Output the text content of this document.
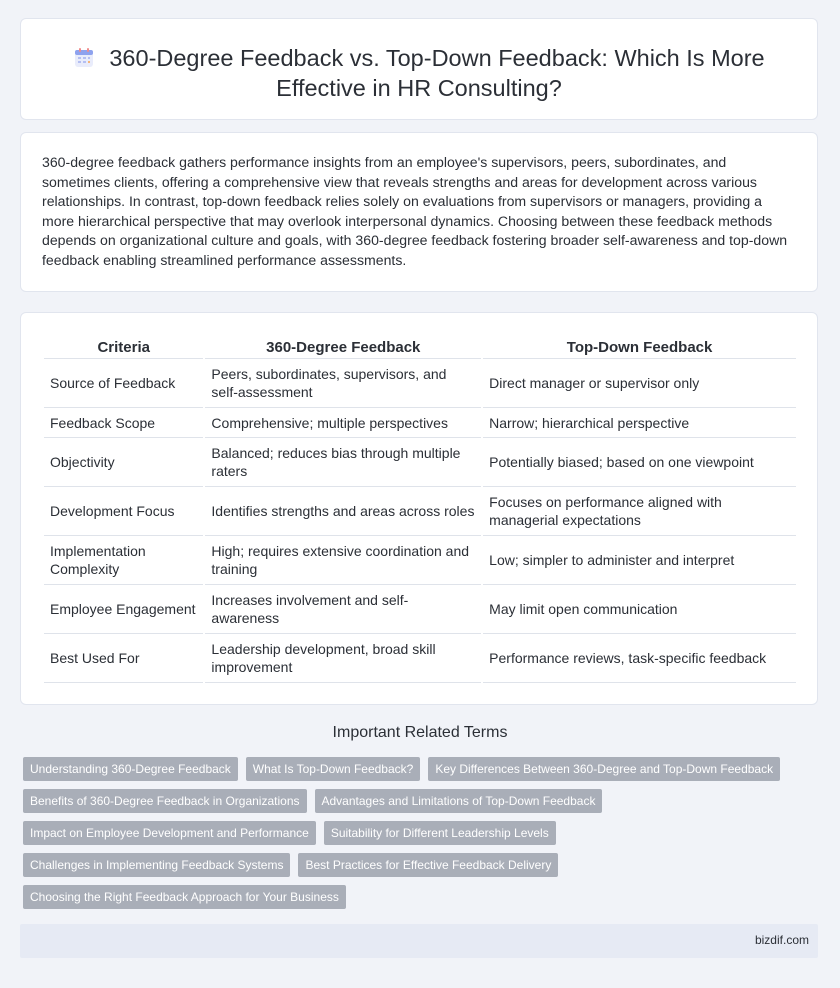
360-Degree Feedback vs. Top-Down Feedback: Which Is More Effective in HR Consulting?
360-degree feedback gathers performance insights from an employee's supervisors, peers, subordinates, and sometimes clients, offering a comprehensive view that reveals strengths and areas for development across various relationships. In contrast, top-down feedback relies solely on evaluations from supervisors or managers, providing a more hierarchical perspective that may overlook interpersonal dynamics. Choosing between these feedback methods depends on organizational culture and goals, with 360-degree feedback fostering broader self-awareness and top-down feedback enabling streamlined performance assessments.
Criteria	360-Degree Feedback	Top-Down Feedback
Source of Feedback	Peers, subordinates, supervisors, and self-assessment	Direct manager or supervisor only
Feedback Scope	Comprehensive; multiple perspectives	Narrow; hierarchical perspective
Objectivity	Balanced; reduces bias through multiple raters	Potentially biased; based on one viewpoint
Development Focus	Identifies strengths and areas across roles	Focuses on performance aligned with managerial expectations
Implementation Complexity	High; requires extensive coordination and training	Low; simpler to administer and interpret
Employee Engagement	Increases involvement and self-awareness	May limit open communication
Best Used For	Leadership development, broad skill improvement	Performance reviews, task-specific feedback
Important Related Terms
Understanding 360-Degree Feedback	What Is Top-Down Feedback?	Key Differences Between 360-Degree and Top-Down Feedback
Benefits of 360-Degree Feedback in Organizations	Advantages and Limitations of Top-Down Feedback
Impact on Employee Development and Performance	Suitability for Different Leadership Levels
Challenges in Implementing Feedback Systems	Best Practices for Effective Feedback Delivery
Choosing the Right Feedback Approach for Your Business
bizdif.com
